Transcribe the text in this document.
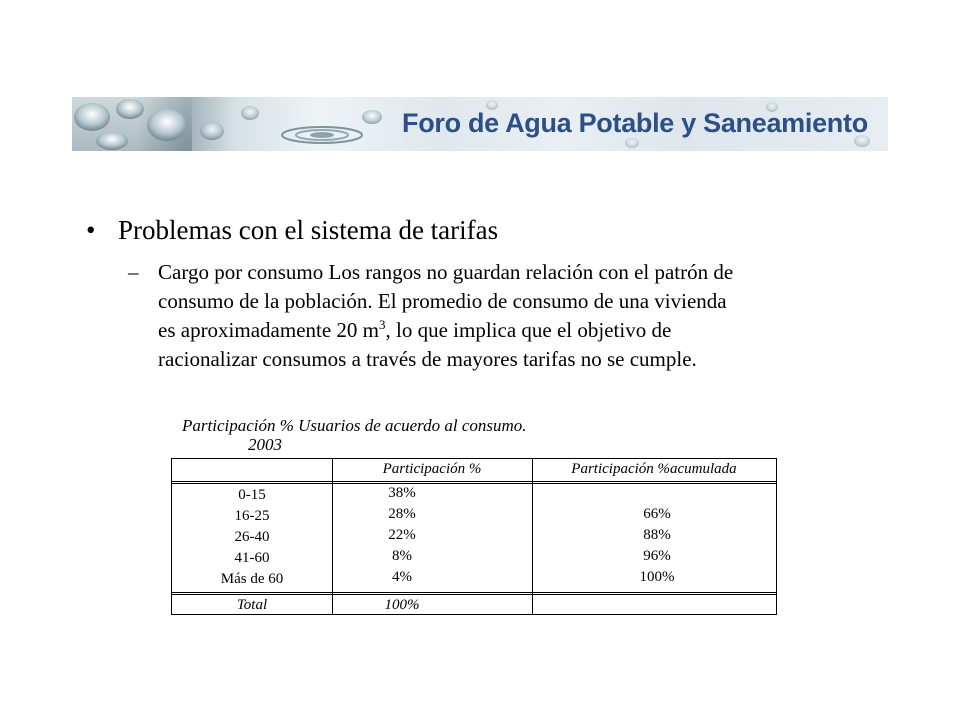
Foro de Agua Potable y Saneamiento
• Problemas con el sistema de tarifas
– Cargo por consumo Los rangos no guardan relación con el patrón de

consumo de la población. El promedio de consumo de una vivienda

es aproximadamente 20 $m^3$, lo que implica que el objetivo de

racionalizar consumos a través de mayores tarifas no se cumple.

Participación % Usuarios de acuerdo al consumo.
2003
Participación %	Participación %acumulada
0-15
16-25
26-40
41-60
Más de 60
38%
28%
22%
8%
4%
66%
88%
96%
100%
Total	100%
